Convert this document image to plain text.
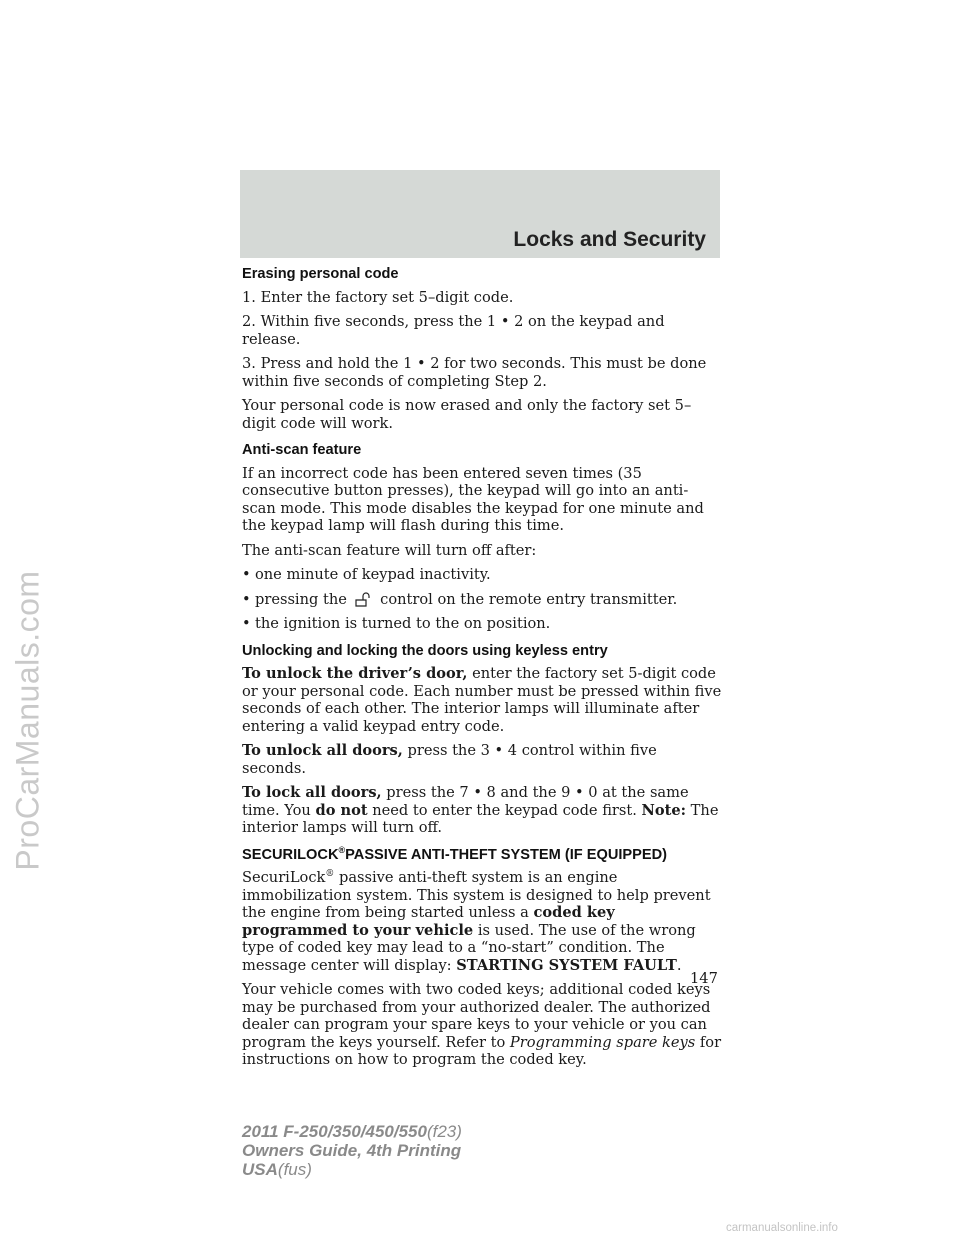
ProCarManuals.com
Locks and Security
Erasing personal code

1. Enter the factory set 5–digit code.

2. Within five seconds, press the 1 • 2 on the keypad and release.

3. Press and hold the 1 • 2 for two seconds. This must be done within five seconds of completing Step 2.

Your personal code is now erased and only the factory set 5–digit code will work.

Anti-scan feature

If an incorrect code has been entered seven times (35 consecutive button presses), the keypad will go into an anti-scan mode. This mode disables the keypad for one minute and the keypad lamp will flash during this time.

The anti-scan feature will turn off after:

• one minute of keypad inactivity.
• pressing the control on the remote entry transmitter.
• the ignition is turned to the on position.
Unlocking and locking the doors using keyless entry

To unlock the driver’s door, enter the factory set 5-digit code or your personal code. Each number must be pressed within five seconds of each other. The interior lamps will illuminate after entering a valid keypad entry code.

To unlock all doors, press the 3 • 4 control within five seconds.

To lock all doors, press the 7 • 8 and the 9 • 0 at the same time. You do not need to enter the keypad code first. Note: The interior lamps will turn off.

SECURILOCK®PASSIVE ANTI-THEFT SYSTEM (IF EQUIPPED)

SecuriLock® passive anti-theft system is an engine immobilization system. This system is designed to help prevent the engine from being started unless a coded key programmed to your vehicle is used. The use of the wrong type of coded key may lead to a “no-start” condition. The message center will display: STARTING SYSTEM FAULT.

Your vehicle comes with two coded keys; additional coded keys may be purchased from your authorized dealer. The authorized dealer can program your spare keys to your vehicle or you can program the keys yourself. Refer to Programming spare keys for instructions on how to program the coded key.

147
2011 F-250/350/450/550(f23)
Owners Guide, 4th Printing
USA(fus)
carmanualsonline.info
